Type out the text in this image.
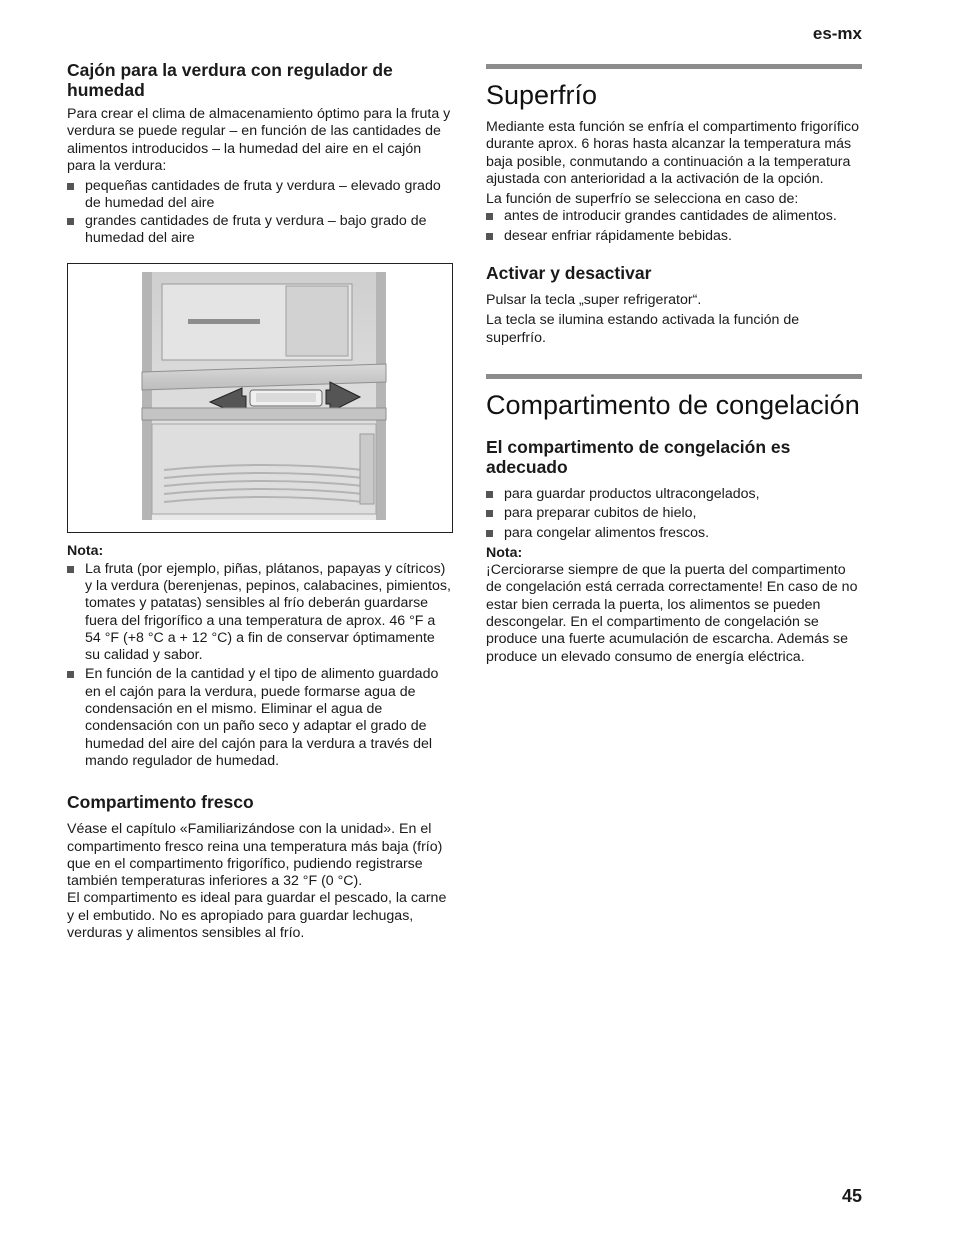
es-mx
Cajón para la verdura con regulador de humedad

Para crear el clima de almacenamiento óptimo para la fruta y verdura se puede regular – en función de las cantidades de alimentos introducidos – la humedad del aire en el cajón para la verdura:

pequeñas cantidades de fruta y verdura – elevado grado de humedad del aire
grandes cantidades de fruta y verdura – bajo grado de humedad del aire
Nota:
La fruta (por ejemplo, piñas, plátanos, papayas y cítricos) y la verdura (berenjenas, pepinos, calabacines, pimientos, tomates y patatas) sensibles al frío deberán guardarse fuera del frigorífico a una temperatura de aprox. 46 °F a 54 °F (+8 °C a + 12 °C) a fin de conservar óptimamente su calidad y sabor.
En función de la cantidad y el tipo de alimento guardado en el cajón para la verdura, puede formarse agua de condensación en el mismo. Eliminar el agua de condensación con un paño seco y adaptar el grado de humedad del aire del cajón para la verdura a través del mando regulador de humedad.
Compartimento fresco

Véase el capítulo «Familiarizándose con la unidad». En el compartimento fresco reina una temperatura más baja (frío) que en el compartimento frigorífico, pudiendo registrarse también temperaturas inferiores a 32 °F (0 °C).

El compartimento es ideal para guardar el pescado, la carne y el embutido. No es apropiado para guardar lechugas, verduras y alimentos sensibles al frío.

Superfrío

Mediante esta función se enfría el compartimento frigorífico durante aprox. 6 horas hasta alcanzar la temperatura más baja posible, conmutando a continuación a la temperatura ajustada con anterioridad a la activación de la opción.

La función de superfrío se selecciona en caso de:

antes de introducir grandes cantidades de alimentos.
desear enfriar rápidamente bebidas.
Activar y desactivar

Pulsar la tecla „super refrigerator“.

La tecla se ilumina estando activada la función de superfrío.

Compartimento de congelación
El compartimento de congelación es adecuado
para guardar productos ultracongelados,
para preparar cubitos de hielo,
para congelar alimentos frescos.
Nota:

¡Cerciorarse siempre de que la puerta del compartimento de congelación está cerrada correctamente! En caso de no estar bien cerrada la puerta, los alimentos se pueden descongelar. En el compartimento de congelación se produce una fuerte acumulación de escarcha. Además se produce un elevado consumo de energía eléctrica.

45
